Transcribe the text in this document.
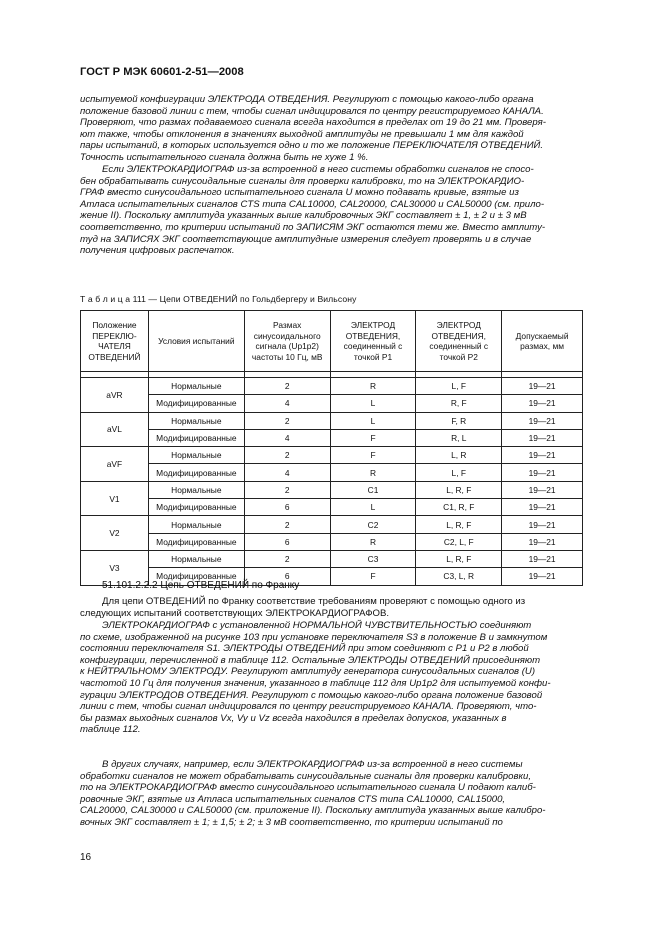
ГОСТ Р МЭК 60601-2-51—2008
испытуемой конфигурации ЭЛЕКТРОДА ОТВЕДЕНИЯ. Регулируют с помощью какого-либо органа
положение базовой линии с тем, чтобы сигнал индицировался по центру регистрируемого КАНАЛА.
Проверяют, что размах подаваемого сигнала всегда находится в пределах от 19 до 21 мм. Проверя-
ют также, чтобы отклонения в значениях выходной амплитуды не превышали 1 мм для каждой
пары испытаний, в которых используется одно и то же положение ПЕРЕКЛЮЧАТЕЛЯ ОТВЕДЕНИЙ.
Точность испытательного сигнала должна быть не хуже 1 %.
Если ЭЛЕКТРОКАРДИОГРАФ из-за встроенной в него системы обработки сигналов не спосо-
бен обрабатывать синусоидальные сигналы для проверки калибровки, то на ЭЛЕКТРОКАРДИО-
ГРАФ вместо синусоидального испытательного сигнала U можно подавать кривые, взятые из
Атласа испытательных сигналов CTS типа CAL10000, CAL20000, CAL30000 и CAL50000 (см. прило-
жение II). Поскольку амплитуда указанных выше калибровочных ЭКГ составляет ± 1, ± 2 и ± 3 мВ
соответственно, то критерии испытаний по ЗАПИСЯМ ЭКГ остаются теми же. Вместо амплиту-
туд на ЗАПИСЯХ ЭКГ соответствующие амплитудные измерения следует проверять и в случае
получения цифровых распечаток.
Т а б л и ц а 111 — Цепи ОТВЕДЕНИЙ по Гольдбергеру и Вильсону
Положение ПЕРЕКЛЮ-ЧАТЕЛЯ ОТВЕДЕНИЙ	Условия испытаний	Размах синусоидального сигнала (Up1p2) частоты 10 Гц, мВ	ЭЛЕКТРОД ОТВЕДЕНИЯ, соединенный с точкой P1	ЭЛЕКТРОД ОТВЕДЕНИЯ, соединенный с точкой P2	Допускаемый размах, мм

aVR	Нормальные	2	R	L, F	19—21
	Модифицированные	4	L	R, F	19—21
aVL	Нормальные	2	L	F, R	19—21
	Модифицированные	4	F	R, L	19—21
aVF	Нормальные	2	F	L, R	19—21
	Модифицированные	4	R	L, F	19—21
V1	Нормальные	2	C1	L, R, F	19—21
	Модифицированные	6	L	C1, R, F	19—21
V2	Нормальные	2	C2	L, R, F	19—21
	Модифицированные	6	R	C2, L, F	19—21
V3	Нормальные	2	C3	L, R, F	19—21
	Модифицированные	6	F	C3, L, R	19—21
51.101.2.2.2 Цепь ОТВЕДЕНИЙ по Франку
Для цепи ОТВЕДЕНИЙ по Франку соответствие требованиям проверяют с помощью одного из
следующих испытаний соответствующих ЭЛЕКТРОКАРДИОГРАФОВ.
ЭЛЕКТРОКАРДИОГРАФ с установленной НОРМАЛЬНОЙ ЧУВСТВИТЕЛЬНОСТЬЮ соединяют
по схеме, изображенной на рисунке 103 при установке переключателя S3 в положение B и замкнутом
состоянии переключателя S1. ЭЛЕКТРОДЫ ОТВЕДЕНИЙ при этом соединяют с P1 и P2 в любой
конфигурации, перечисленной в таблице 112. Остальные ЭЛЕКТРОДЫ ОТВЕДЕНИЙ присоединяют
к НЕЙТРАЛЬНОМУ ЭЛЕКТРОДУ. Регулируют амплитуду генератора синусоидальных сигналов (U)
частотой 10 Гц для получения значения, указанного в таблице 112 для Up1p2 для испытуемой конфи-
гурации ЭЛЕКТРОДОВ ОТВЕДЕНИЯ. Регулируют с помощью какого-либо органа положение базовой
линии с тем, чтобы сигнал индицировался по центру регистрируемого КАНАЛА. Проверяют, что-
бы размах выходных сигналов Vx, Vy и Vz всегда находился в пределах допусков, указанных в
таблице 112.
В других случаях, например, если ЭЛЕКТРОКАРДИОГРАФ из-за встроенной в него системы
обработки сигналов не может обрабатывать синусоидальные сигналы для проверки калибровки,
то на ЭЛЕКТРОКАРДИОГРАФ вместо синусоидального испытательного сигнала U подают калиб-
ровочные ЭКГ, взятые из Атласа испытательных сигналов CTS типа CAL10000, CAL15000,
CAL20000, CAL30000 и CAL50000 (см. приложение II). Поскольку амплитуда указанных выше калибро-
вочных ЭКГ составляет ± 1; ± 1,5; ± 2; ± 3 мВ соответственно, то критерии испытаний по
16
